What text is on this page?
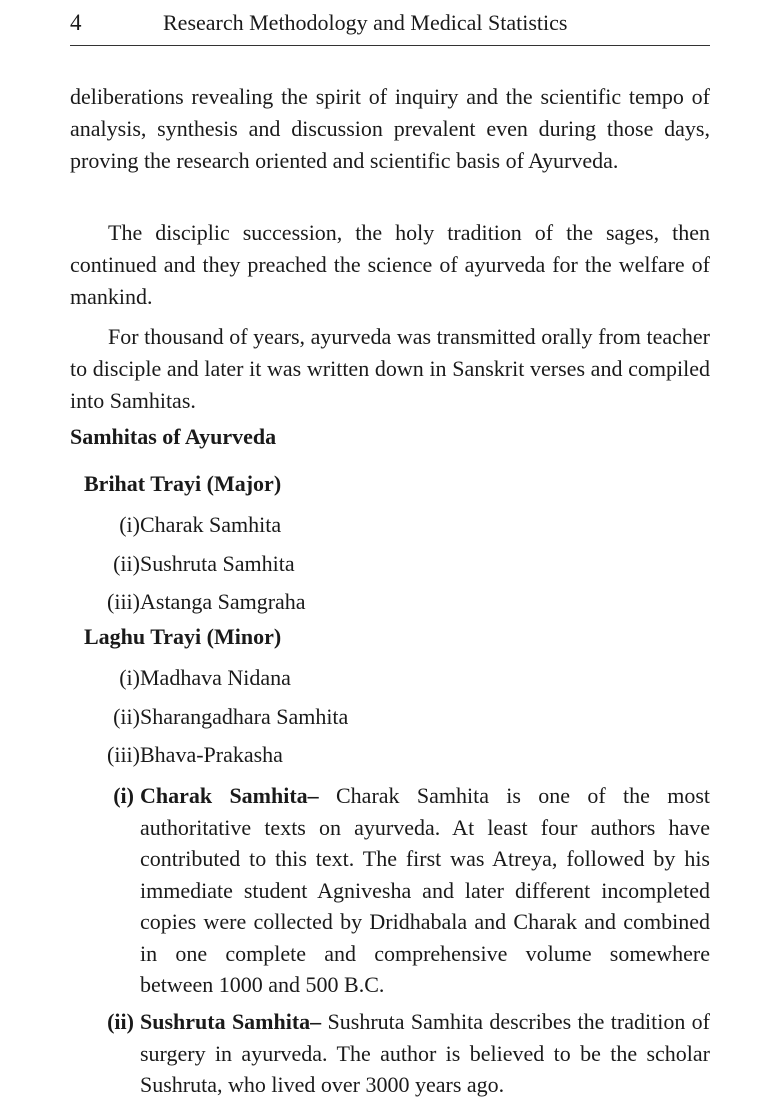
4	Research Methodology and Medical Statistics

deliberations revealing the spirit of inquiry and the scientific tempo of analysis, synthesis and discussion prevalent even during those days, proving the research oriented and scientific basis of Ayurveda.

The disciplic succession, the holy tradition of the sages, then continued and they preached the science of ayurveda for the welfare of mankind.

For thousand of years, ayurveda was transmitted orally from teacher to disciple and later it was written down in Sanskrit verses and compiled into Samhitas.

Samhitas of Ayurveda
Brihat Trayi (Major)
(i) Charak Samhita
(ii) Sushruta Samhita
(iii) Astanga Samgraha
Laghu Trayi (Minor)
(i) Madhava Nidana
(ii) Sharangadhara Samhita
(iii) Bhava-Prakasha
(i) Charak Samhita– Charak Samhita is one of the most authoritative texts on ayurveda. At least four authors have contributed to this text. The first was Atreya, followed by his immediate student Agnivesha and later different incompleted copies were collected by Dridhabala and Charak and combined in one complete and comprehensive volume somewhere between 1000 and 500 B.C.
(ii) Sushruta Samhita– Sushruta Samhita describes the tradition of surgery in ayurveda. The author is believed to be the scholar Sushruta, who lived over 3000 years ago.
